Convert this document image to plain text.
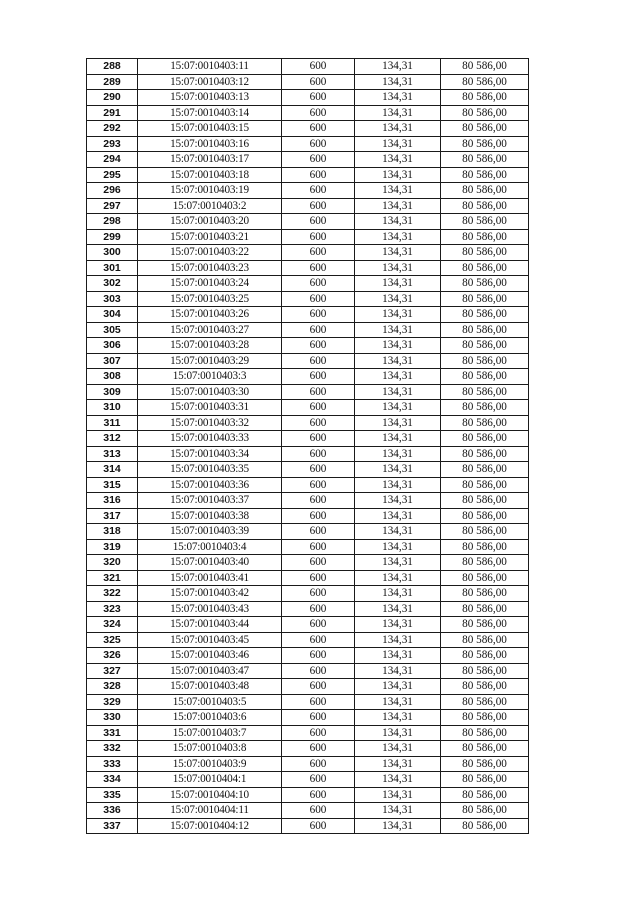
288	15:07:0010403:11	600	134,31	80 586,00
289	15:07:0010403:12	600	134,31	80 586,00
290	15:07:0010403:13	600	134,31	80 586,00
291	15:07:0010403:14	600	134,31	80 586,00
292	15:07:0010403:15	600	134,31	80 586,00
293	15:07:0010403:16	600	134,31	80 586,00
294	15:07:0010403:17	600	134,31	80 586,00
295	15:07:0010403:18	600	134,31	80 586,00
296	15:07:0010403:19	600	134,31	80 586,00
297	15:07:0010403:2	600	134,31	80 586,00
298	15:07:0010403:20	600	134,31	80 586,00
299	15:07:0010403:21	600	134,31	80 586,00
300	15:07:0010403:22	600	134,31	80 586,00
301	15:07:0010403:23	600	134,31	80 586,00
302	15:07:0010403:24	600	134,31	80 586,00
303	15:07:0010403:25	600	134,31	80 586,00
304	15:07:0010403:26	600	134,31	80 586,00
305	15:07:0010403:27	600	134,31	80 586,00
306	15:07:0010403:28	600	134,31	80 586,00
307	15:07:0010403:29	600	134,31	80 586,00
308	15:07:0010403:3	600	134,31	80 586,00
309	15:07:0010403:30	600	134,31	80 586,00
310	15:07:0010403:31	600	134,31	80 586,00
311	15:07:0010403:32	600	134,31	80 586,00
312	15:07:0010403:33	600	134,31	80 586,00
313	15:07:0010403:34	600	134,31	80 586,00
314	15:07:0010403:35	600	134,31	80 586,00
315	15:07:0010403:36	600	134,31	80 586,00
316	15:07:0010403:37	600	134,31	80 586,00
317	15:07:0010403:38	600	134,31	80 586,00
318	15:07:0010403:39	600	134,31	80 586,00
319	15:07:0010403:4	600	134,31	80 586,00
320	15:07:0010403:40	600	134,31	80 586,00
321	15:07:0010403:41	600	134,31	80 586,00
322	15:07:0010403:42	600	134,31	80 586,00
323	15:07:0010403:43	600	134,31	80 586,00
324	15:07:0010403:44	600	134,31	80 586,00
325	15:07:0010403:45	600	134,31	80 586,00
326	15:07:0010403:46	600	134,31	80 586,00
327	15:07:0010403:47	600	134,31	80 586,00
328	15:07:0010403:48	600	134,31	80 586,00
329	15:07:0010403:5	600	134,31	80 586,00
330	15:07:0010403:6	600	134,31	80 586,00
331	15:07:0010403:7	600	134,31	80 586,00
332	15:07:0010403:8	600	134,31	80 586,00
333	15:07:0010403:9	600	134,31	80 586,00
334	15:07:0010404:1	600	134,31	80 586,00
335	15:07:0010404:10	600	134,31	80 586,00
336	15:07:0010404:11	600	134,31	80 586,00
337	15:07:0010404:12	600	134,31	80 586,00
